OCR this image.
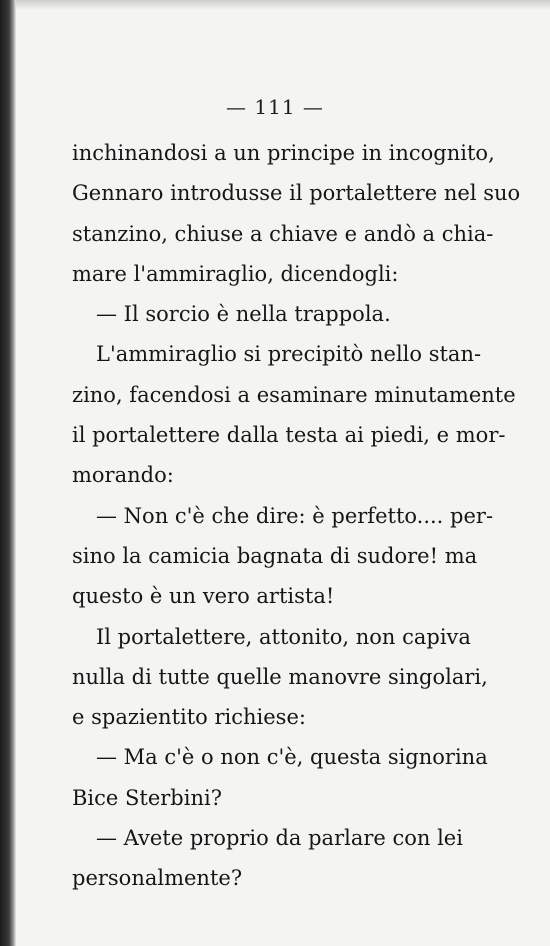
— 111 —
inchinandosi a un principe in incognito,
Gennaro introdusse il portalettere nel suo
stanzino, chiuse a chiave e andò a chia-
mare l'ammiraglio, dicendogli:
— Il sorcio è nella trappola.
L'ammiraglio si precipitò nello stan-
zino, facendosi a esaminare minutamente
il portalettere dalla testa ai piedi, e mor-
morando:
— Non c'è che dire: è perfetto.... per-
sino la camicia bagnata di sudore! ma
questo è un vero artista!
Il portalettere, attonito, non capiva
nulla di tutte quelle manovre singolari,
e spazientito richiese:
— Ma c'è o non c'è, questa signorina
Bice Sterbini?
— Avete proprio da parlare con lei
personalmente?
